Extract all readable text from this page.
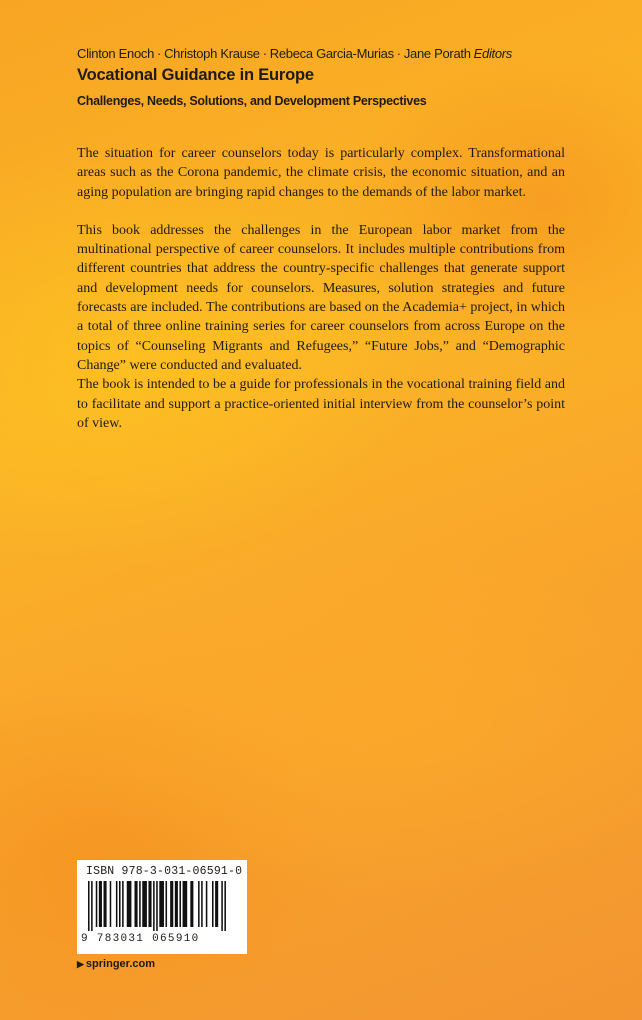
Clinton Enoch · Christoph Krause · Rebeca Garcia-Murias · Jane Porath Editors
Vocational Guidance in Europe
Challenges, Needs, Solutions, and Development Perspectives

The situation for career counselors today is particularly complex. Transformational areas such as the Corona pandemic, the climate crisis, the economic situation, and an aging population are bringing rapid changes to the demands of the labor market.

This book addresses the challenges in the European labor market from the multinational perspective of career counselors. It includes multiple contributions from different countries that address the country-specific challenges that generate support and development needs for counselors. Measures, solution strategies and future forecasts are included. The contributions are based on the Academia+ project, in which a total of three online training series for career counselors from across Europe on the topics of “Counseling Migrants and Refugees,” “Future Jobs,” and “Demographic Change” were conducted and evaluated.

The book is intended to be a guide for professionals in the vocational training field and to facilitate and support a practice-oriented initial interview from the counselor’s point of view.

ISBN 978-3-031-06591-0
9 783031 065910
▶ springer.com
